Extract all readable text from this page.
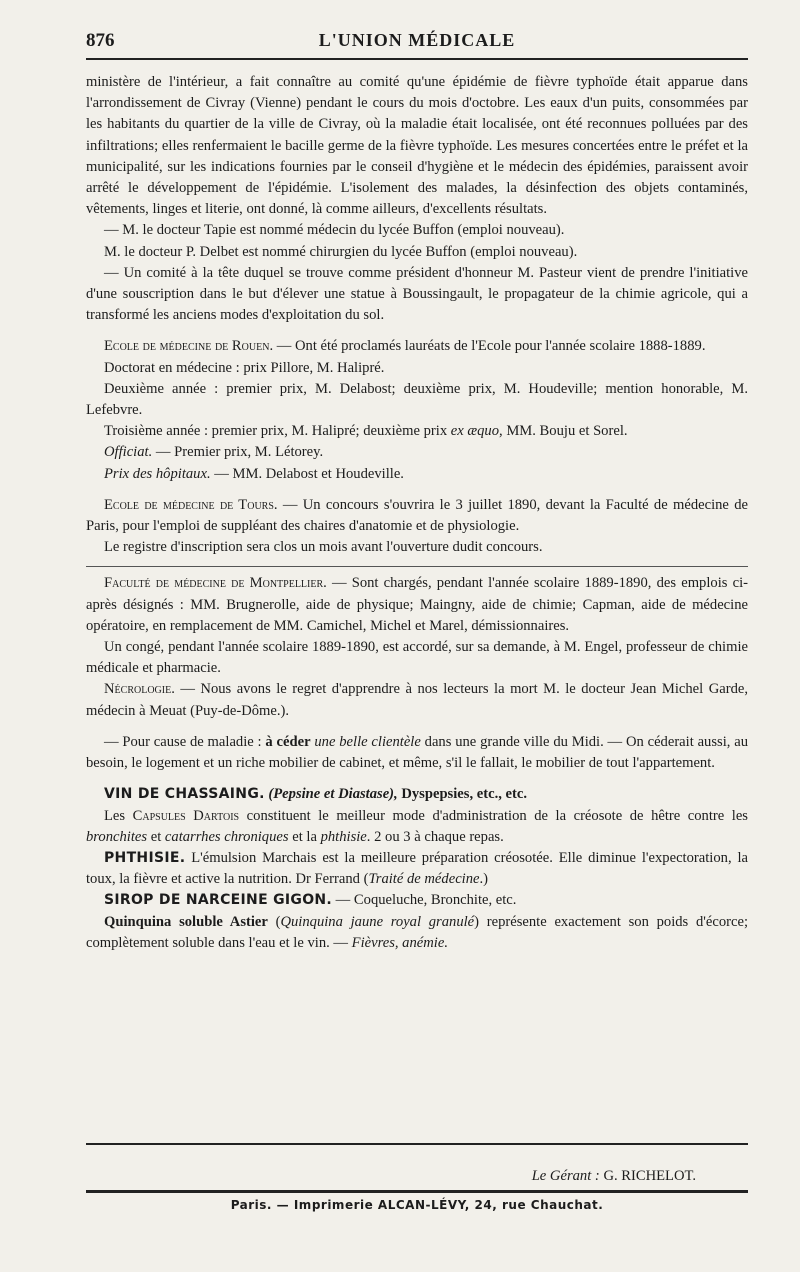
876	L'UNION MÉDICALE

ministère de l'intérieur, a fait connaître au comité qu'une épidémie de fièvre typhoïde était apparue dans l'arrondissement de Civray (Vienne) pendant le cours du mois d'octobre. Les eaux d'un puits, consommées par les habitants du quartier de la ville de Civray, où la maladie était localisée, ont été reconnues polluées par des infiltrations; elles renfermaient le bacille germe de la fièvre typhoïde. Les mesures concertées entre le préfet et la municipalité, sur les indications fournies par le conseil d'hygiène et le médecin des épidémies, paraissent avoir arrêté le développement de l'épidémie. L'isolement des malades, la désinfection des objets contaminés, vêtements, linges et literie, ont donné, là comme ailleurs, d'excellents résultats.

— M. le docteur Tapie est nommé médecin du lycée Buffon (emploi nouveau).

M. le docteur P. Delbet est nommé chirurgien du lycée Buffon (emploi nouveau).

— Un comité à la tête duquel se trouve comme président d'honneur M. Pasteur vient de prendre l'initiative d'une souscription dans le but d'élever une statue à Boussingault, le propagateur de la chimie agricole, qui a transformé les anciens modes d'exploitation du sol.

Ecole de médecine de Rouen. — Ont été proclamés lauréats de l'Ecole pour l'année scolaire 1888-1889.

Doctorat en médecine : prix Pillore, M. Haliрré.

Deuxième année : premier prix, M. Delabost; deuxième prix, M. Houdeville; mention honorable, M. Lefebvre.

Troisième année : premier prix, M. Halipré; deuxième prix ex æquo, MM. Bouju et Sorel.

Officiat. — Premier prix, M. Létorey.

Prix des hôpitaux. — MM. Delabost et Houdeville.

Ecole de médecine de Tours. — Un concours s'ouvrira le 3 juillet 1890, devant la Faculté de médecine de Paris, pour l'emploi de suppléant des chaires d'anatomie et de physiologie.

Le registre d'inscription sera clos un mois avant l'ouverture dudit concours.

Faculté de médecine de Montpellier. — Sont chargés, pendant l'année scolaire 1889-1890, des emplois ci-après désignés : MM. Brugnerolle, aide de physique; Maingny, aide de chimie; Capman, aide de médecine opératoire, en remplacement de MM. Camichel, Michel et Marel, démissionnaires.

Un congé, pendant l'année scolaire 1889-1890, est accordé, sur sa demande, à M. Engel, professeur de chimie médicale et pharmacie.

Nécrologie. — Nous avons le regret d'apprendre à nos lecteurs la mort M. le docteur Jean Michel Garde, médecin à Meuat (Puy-de-Dôme.).

— Pour cause de maladie : à céder une belle clientèle dans une grande ville du Midi. — On céderait aussi, au besoin, le logement et un riche mobilier de cabinet, et même, s'il le fallait, le mobilier de tout l'appartement.

VIN DE CHASSAING. (Pepsine et Diastase), Dyspepsies, etc., etc.

Les Capsules Dartois constituent le meilleur mode d'administration de la créosote de hêtre contre les bronchites et catarrhes chroniques et la phthisie. 2 ou 3 à chaque repas.

PHTHISIE. L'émulsion Marchais est la meilleure préparation créosotée. Elle diminue l'expectoration, la toux, la fièvre et active la nutrition. Dr Ferrand (Traité de médecine.)

SIROP DE NARCEINE GIGON. — Coqueluche, Bronchite, etc.

Quinquina soluble Astier (Quinquina jaune royal granulé) représente exactement son poids d'écorce; complètement soluble dans l'eau et le vin. — Fièvres, anémie.

Le Gérant : G. RICHELOT.
Paris. — Imprimerie ALCAN-LÉVY, 24, rue Chauchat.
